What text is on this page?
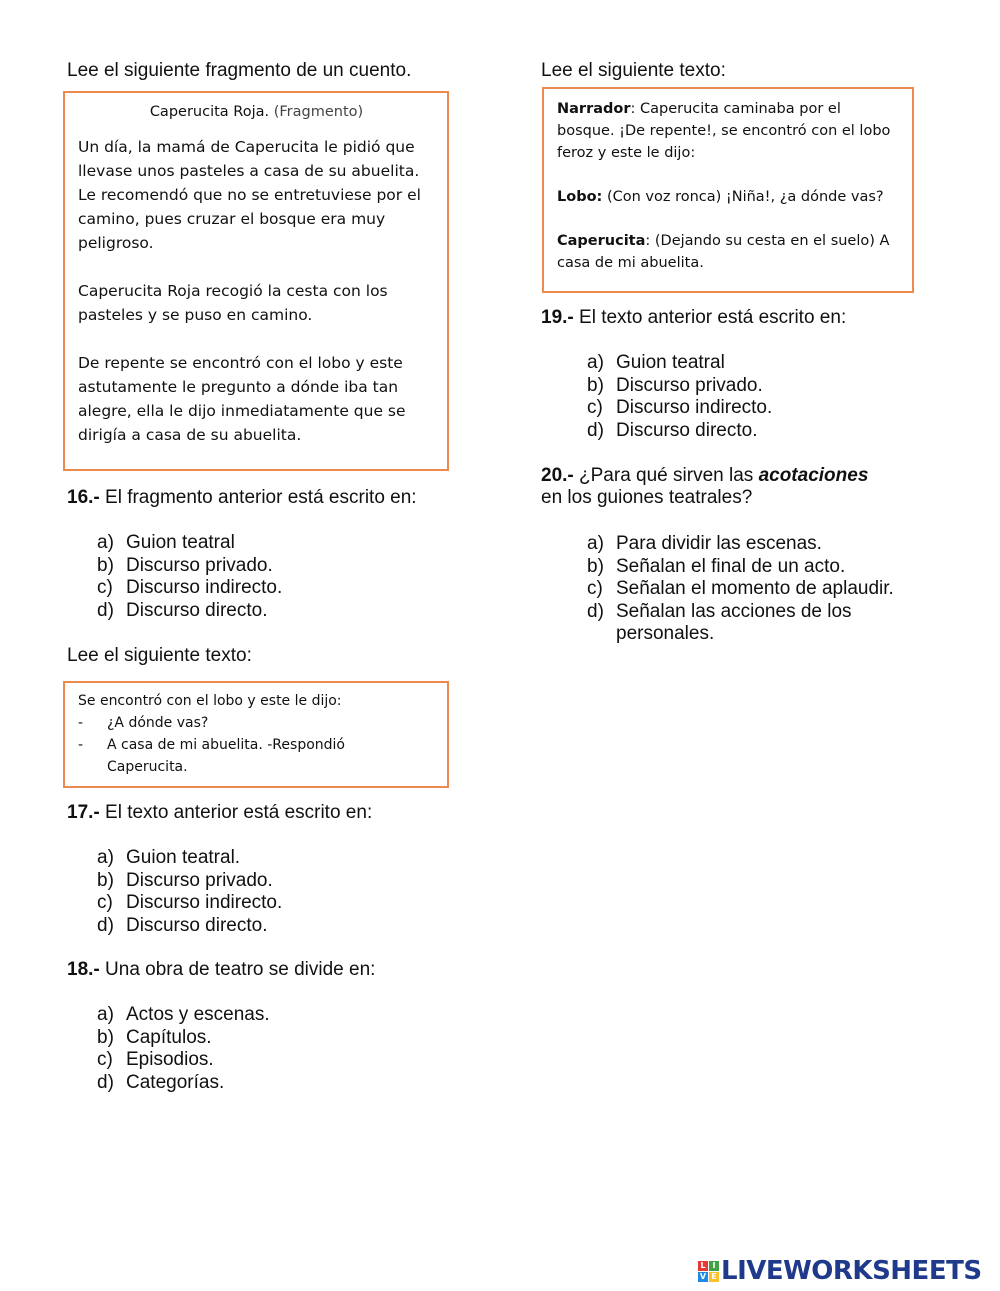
Lee el siguiente fragmento de un cuento.
Caperucita Roja. (Fragmento)

Un día, la mamá de Caperucita le pidió que llevase unos pasteles a casa de su abuelita. Le recomendó que no se entretuviese por el camino, pues cruzar el bosque era muy peligroso.

Caperucita Roja recogió la cesta con los pasteles y se puso en camino.

De repente se encontró con el lobo y este astutamente le pregunto a dónde iba tan alegre, ella le dijo inmediatamente que se dirigía a casa de su abuelita.

16.- El fragmento anterior está escrito en:
a) Guion teatral
b) Discurso privado.
c) Discurso indirecto.
d) Discurso directo.
Lee el siguiente texto:
Se encontró con el lobo y este le dijo:
-	¿A dónde vas?
-	A casa de mi abuelita. -Respondió Caperucita.
17.- El texto anterior está escrito en:
a) Guion teatral.
b) Discurso privado.
c) Discurso indirecto.
d) Discurso directo.
18.- Una obra de teatro se divide en:
a) Actos y escenas.
b) Capítulos.
c) Episodios.
d) Categorías.
Lee el siguiente texto:

Narrador: Caperucita caminaba por el bosque. ¡De repente!, se encontró con el lobo feroz y este le dijo:

Lobo: (Con voz ronca) ¡Niña!, ¿a dónde vas?

Caperucita: (Dejando su cesta en el suelo) A casa de mi abuelita.

19.- El texto anterior está escrito en:
a) Guion teatral
b) Discurso privado.
c) Discurso indirecto.
d) Discurso directo.
20.- ¿Para qué sirven las acotaciones
en los guiones teatrales?
a) Para dividir las escenas.
b) Señalan el final de un acto.
c) Señalan el momento de aplaudir.
d) Señalan las acciones de los personales.
L I
V E LIVEWORKSHEETS
